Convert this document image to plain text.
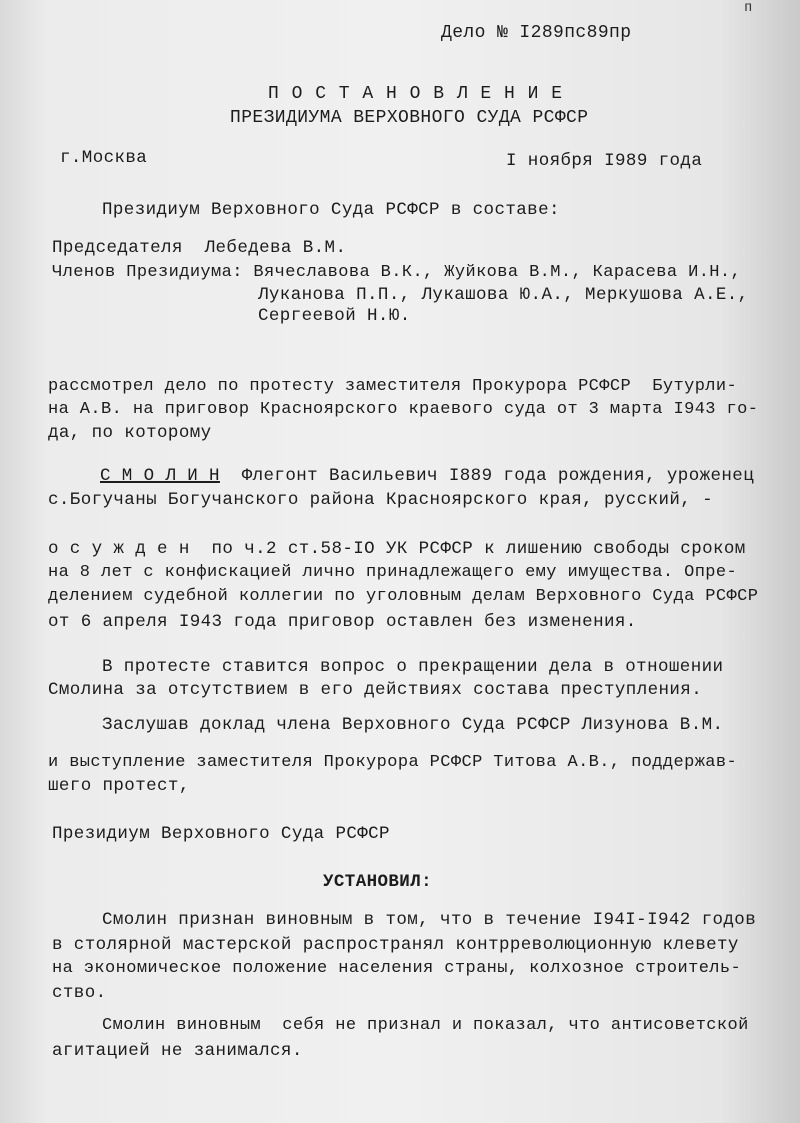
ᴨ
Дело № I289пс89пр
П О С Т А Н О В Л Е Н И Е
ПРЕЗИДИУМА ВЕРХОВНОГО СУДА РСФСР
г.Москва	I ноября I989 года
Президиум Верховного Суда РСФСР в составе:
Председателя  Лебедева В.М.
Членов Президиума: Вячеславова В.К., Жуйкова В.М., Карасева И.Н.,
Луканова П.П., Лукашова Ю.А., Меркушова А.Е.,
Сергеевой Н.Ю.
рассмотрел дело по протесту заместителя Прокурора РСФСР  Бутурли-
на А.В. на приговор Красноярского краевого суда от 3 марта I943 го-
да, по которому
С М О Л И Н  Флегонт Васильевич I889 года рождения, уроженец
с.Богучаны Богучанского района Красноярского края, русский, -
о с у ж д е н  по ч.2 ст.58-IО УК РСФСР к лишению свободы сроком
на 8 лет с конфискацией лично принадлежащего ему имущества. Опре-
делением судебной коллегии по уголовным делам Верховного Суда РСФСР
от 6 апреля I943 года приговор оставлен без изменения.
В протесте ставится вопрос о прекращении дела в отношении
Смолина за отсутствием в его действиях состава преступления.
Заслушав доклад члена Верховного Суда РСФСР Лизунова В.М.
и выступление заместителя Прокурора РСФСР Титова А.В., поддержав-
шего протест,
Президиум Верховного Суда РСФСР
УСТАНОВИЛ:
Смолин признан виновным в том, что в течение I94I-I942 годов
в столярной мастерской распространял контрреволюционную клевету
на экономическое положение населения страны, колхозное строитель-
ство.
Смолин виновным  себя не признал и показал, что антисоветской
агитацией не занимался.
